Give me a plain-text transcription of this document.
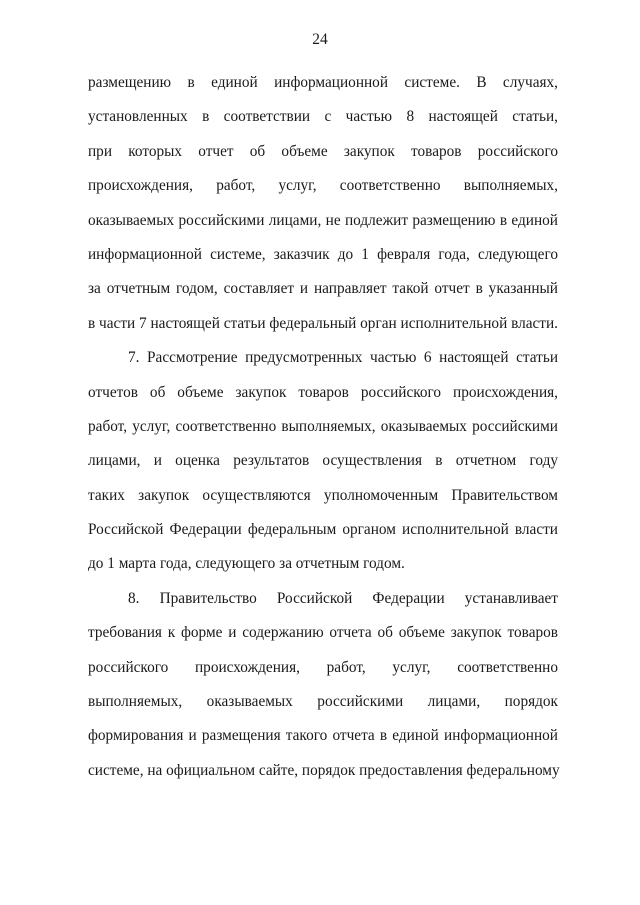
24
размещению в единой информационной системе. В случаях,
установленных в соответствии с частью 8 настоящей статьи,
при которых отчет об объеме закупок товаров российского
происхождения, работ, услуг, соответственно выполняемых,
оказываемых российскими лицами, не подлежит размещению в единой
информационной системе, заказчик до 1 февраля года, следующего
за отчетным годом, составляет и направляет такой отчет в указанный
в части 7 настоящей статьи федеральный орган исполнительной власти.
7. Рассмотрение предусмотренных частью 6 настоящей статьи
отчетов об объеме закупок товаров российского происхождения,
работ, услуг, соответственно выполняемых, оказываемых российскими
лицами, и оценка результатов осуществления в отчетном году
таких закупок осуществляются уполномоченным Правительством
Российской Федерации федеральным органом исполнительной власти
до 1 марта года, следующего за отчетным годом.
8. Правительство Российской Федерации устанавливает
требования к форме и содержанию отчета об объеме закупок товаров
российского происхождения, работ, услуг, соответственно
выполняемых, оказываемых российскими лицами, порядок
формирования и размещения такого отчета в единой информационной
системе, на официальном сайте, порядок предоставления федеральному
